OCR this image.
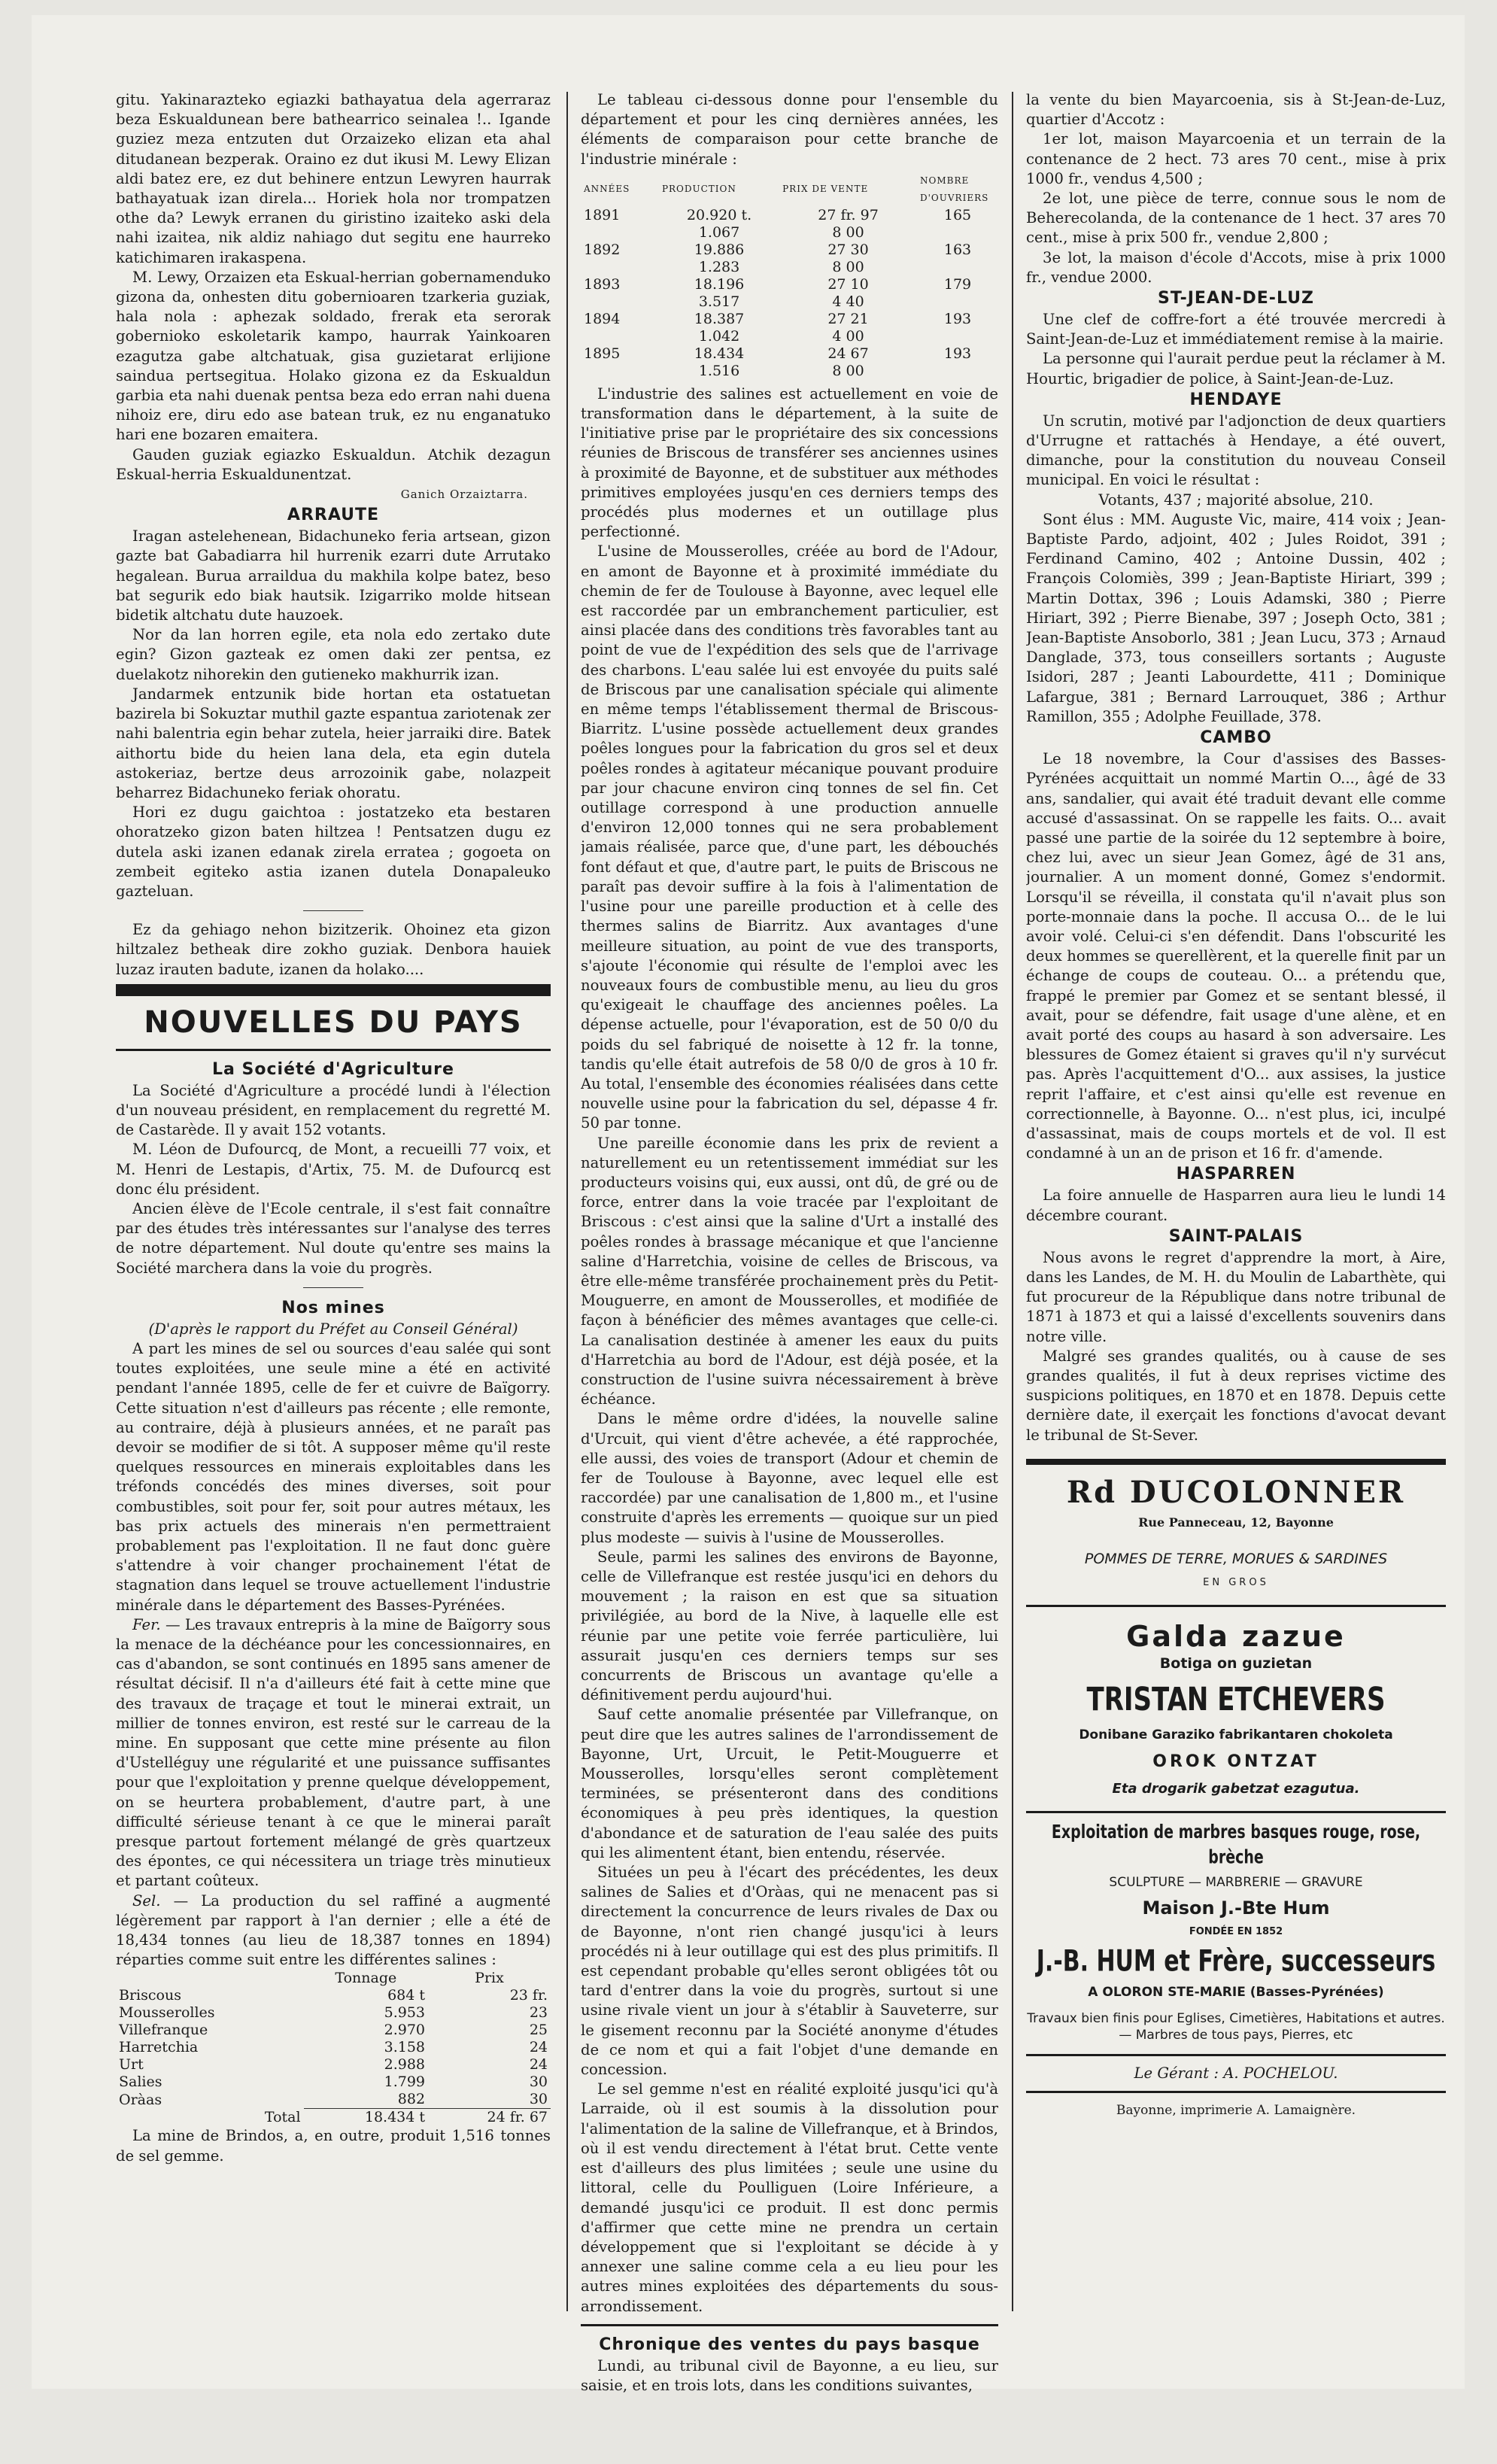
gitu. Yakinarazteko egiazki bathayatua dela agerraraz beza Eskualdunean bere bathearrico seinalea !.. Igande guziez meza entzuten dut Orzaizeko elizan eta ahal ditudanean bezperak. Oraino ez dut ikusi M. Lewy Elizan aldi batez ere, ez dut behinere entzun Lewyren haurrak bathayatuak izan direla... Horiek hola nor trompatzen othe da? Lewyk erranen du giristino izaiteko aski dela nahi izaitea, nik aldiz nahiago dut segitu ene haurreko katichimaren irakaspena.

M. Lewy, Orzaizen eta Eskual-herrian gobernamenduko gizona da, onhesten ditu gobernioaren tzarkeria guziak, hala nola : aphezak soldado, frerak eta serorak gobernioko eskoletarik kampo, haurrak Yainkoaren ezagutza gabe altchatuak, gisa guzietarat erlijione saindua pertsegitua. Holako gizona ez da Eskualdun garbia eta nahi duenak pentsa beza edo erran nahi duena nihoiz ere, diru edo ase batean truk, ez nu enganatuko hari ene bozaren emaitera.

Gauden guziak egiazko Eskualdun. Atchik dezagun Eskual-herria Eskualdunentzat.

Ganich Orzaiztarra.

ARRAUTE

Iragan astelehenean, Bidachuneko feria artsean, gizon gazte bat Gabadiarra hil hurrenik ezarri dute Arrutako hegalean. Burua arraildua du makhila kolpe batez, beso bat segurik edo biak hautsik. Izigarriko molde hitsean bidetik altchatu dute hauzoek.

Nor da lan horren egile, eta nola edo zertako dute egin? Gizon gazteak ez omen daki zer pentsa, ez duelakotz nihorekin den gutieneko makhurrik izan.

Jandarmek entzunik bide hortan eta ostatuetan bazirela bi Sokuztar muthil gazte espantua zariotenak zer nahi balentria egin behar zutela, heier jarraiki dire. Batek aithortu bide du heien lana dela, eta egin dutela astokeriaz, bertze deus arrozoinik gabe, nolazpeit beharrez Bidachuneko feriak ohoratu.

Hori ez dugu gaichtoa : jostatzeko eta bestaren ohoratzeko gizon baten hiltzea ! Pentsatzen dugu ez dutela aski izanen edanak zirela erratea ; gogoeta on zembeit egiteko astia izanen dutela Donapaleuko gazteluan.

Ez da gehiago nehon bizitzerik. Ohoinez eta gizon hiltzalez betheak dire zokho guziak. Denbora hauiek luzaz irauten badute, izanen da holako....

NOUVELLES DU PAYS

La Société d'Agriculture

La Société d'Agriculture a procédé lundi à l'élection d'un nouveau président, en remplacement du regretté M. de Castarède. Il y avait 152 votants.

M. Léon de Dufourcq, de Mont, a recueilli 77 voix, et M. Henri de Lestapis, d'Artix, 75. M. de Dufourcq est donc élu président.

Ancien élève de l'Ecole centrale, il s'est fait connaître par des études très intéressantes sur l'analyse des terres de notre département. Nul doute qu'entre ses mains la Société marchera dans la voie du progrès.

Nos mines

(D'après le rapport du Préfet au Conseil Général)

A part les mines de sel ou sources d'eau salée qui sont toutes exploitées, une seule mine a été en activité pendant l'année 1895, celle de fer et cuivre de Baïgorry. Cette situation n'est d'ailleurs pas récente ; elle remonte, au contraire, déjà à plusieurs années, et ne paraît pas devoir se modifier de si tôt. A supposer même qu'il reste quelques ressources en minerais exploitables dans les tréfonds concédés des mines diverses, soit pour combustibles, soit pour fer, soit pour autres métaux, les bas prix actuels des minerais n'en permettraient probablement pas l'exploitation. Il ne faut donc guère s'attendre à voir changer prochainement l'état de stagnation dans lequel se trouve actuellement l'industrie minérale dans le département des Basses-Pyrénées.

Fer. — Les travaux entrepris à la mine de Baïgorry sous la menace de la déchéance pour les concessionnaires, en cas d'abandon, se sont continués en 1895 sans amener de résultat décisif. Il n'a d'ailleurs été fait à cette mine que des travaux de traçage et tout le minerai extrait, un millier de tonnes environ, est resté sur le carreau de la mine. En supposant que cette mine présente au filon d'Ustelléguy une régularité et une puissance suffisantes pour que l'exploitation y prenne quelque développement, on se heurtera probablement, d'autre part, à une difficulté sérieuse tenant à ce que le minerai paraît presque partout fortement mélangé de grès quartzeux des épontes, ce qui nécessitera un triage très minutieux et partant coûteux.

Sel. — La production du sel raffiné a augmenté légèrement par rapport à l'an dernier ; elle a été de 18,434 tonnes (au lieu de 18,387 tonnes en 1894) réparties comme suit entre les différentes salines :

	Tonnage	Prix
Briscous	684 t	23 fr.
Mousserolles	5.953	23
Villefranque	2.970	25
Harretchia	3.158	24
Urt	2.988	24
Salies	1.799	30
Oràas	882	30
Total	18.434 t	24 fr. 67

La mine de Brindos, a, en outre, produit 1,516 tonnes de sel gemme.

Le tableau ci-dessous donne pour l'ensemble du département et pour les cinq dernières années, les éléments de comparaison pour cette branche de l'industrie minérale :

ANNÉES	PRODUCTION	PRIX DE VENTE	NOMBRE D'OUVRIERS
1891	20.920 t.	27 fr. 97	165
	1.067	8 00	
1892	19.886	27 30	163
	1.283	8 00	
1893	18.196	27 10	179
	3.517	4 40	
1894	18.387	27 21	193
	1.042	4 00	
1895	18.434	24 67	193
	1.516	8 00	

L'industrie des salines est actuellement en voie de transformation dans le département, à la suite de l'initiative prise par le propriétaire des six concessions réunies de Briscous de transférer ses anciennes usines à proximité de Bayonne, et de substituer aux méthodes primitives employées jusqu'en ces derniers temps des procédés plus modernes et un outillage plus perfectionné.

L'usine de Mousserolles, créée au bord de l'Adour, en amont de Bayonne et à proximité immédiate du chemin de fer de Toulouse à Bayonne, avec lequel elle est raccordée par un embranchement particulier, est ainsi placée dans des conditions très favorables tant au point de vue de l'expédition des sels que de l'arrivage des charbons. L'eau salée lui est envoyée du puits salé de Briscous par une canalisation spéciale qui alimente en même temps l'établissement thermal de Briscous-Biarritz. L'usine possède actuellement deux grandes poêles longues pour la fabrication du gros sel et deux poêles rondes à agitateur mécanique pouvant produire par jour chacune environ cinq tonnes de sel fin. Cet outillage correspond à une production annuelle d'environ 12,000 tonnes qui ne sera probablement jamais réalisée, parce que, d'une part, les débouchés font défaut et que, d'autre part, le puits de Briscous ne paraît pas devoir suffire à la fois à l'alimentation de l'usine pour une pareille production et à celle des thermes salins de Biarritz. Aux avantages d'une meilleure situation, au point de vue des transports, s'ajoute l'économie qui résulte de l'emploi avec les nouveaux fours de combustible menu, au lieu du gros qu'exigeait le chauffage des anciennes poêles. La dépense actuelle, pour l'évaporation, est de 50 0/0 du poids du sel fabriqué de noisette à 12 fr. la tonne, tandis qu'elle était autrefois de 58 0/0 de gros à 10 fr. Au total, l'ensemble des économies réalisées dans cette nouvelle usine pour la fabrication du sel, dépasse 4 fr. 50 par tonne.

Une pareille économie dans les prix de revient a naturellement eu un retentissement immédiat sur les producteurs voisins qui, eux aussi, ont dû, de gré ou de force, entrer dans la voie tracée par l'exploitant de Briscous : c'est ainsi que la saline d'Urt a installé des poêles rondes à brassage mécanique et que l'ancienne saline d'Harretchia, voisine de celles de Briscous, va être elle-même transférée prochainement près du Petit-Mouguerre, en amont de Mousserolles, et modifiée de façon à bénéficier des mêmes avantages que celle-ci. La canalisation destinée à amener les eaux du puits d'Harretchia au bord de l'Adour, est déjà posée, et la construction de l'usine suivra nécessairement à brève échéance.

Dans le même ordre d'idées, la nouvelle saline d'Urcuit, qui vient d'être achevée, a été rapprochée, elle aussi, des voies de transport (Adour et chemin de fer de Toulouse à Bayonne, avec lequel elle est raccordée) par une canalisation de 1,800 m., et l'usine construite d'après les errements — quoique sur un pied plus modeste — suivis à l'usine de Mousserolles.

Seule, parmi les salines des environs de Bayonne, celle de Villefranque est restée jusqu'ici en dehors du mouvement ; la raison en est que sa situation privilégiée, au bord de la Nive, à laquelle elle est réunie par une petite voie ferrée particulière, lui assurait jusqu'en ces derniers temps sur ses concurrents de Briscous un avantage qu'elle a définitivement perdu aujourd'hui.

Sauf cette anomalie présentée par Villefranque, on peut dire que les autres salines de l'arrondissement de Bayonne, Urt, Urcuit, le Petit-Mouguerre et Mousserolles, lorsqu'elles seront complètement terminées, se présenteront dans des conditions économiques à peu près identiques, la question d'abondance et de saturation de l'eau salée des puits qui les alimentent étant, bien entendu, réservée.

Situées un peu à l'écart des précédentes, les deux salines de Salies et d'Oràas, qui ne menacent pas si directement la concurrence de leurs rivales de Dax ou de Bayonne, n'ont rien changé jusqu'ici à leurs procédés ni à leur outillage qui est des plus primitifs. Il est cependant probable qu'elles seront obligées tôt ou tard d'entrer dans la voie du progrès, surtout si une usine rivale vient un jour à s'établir à Sauveterre, sur le gisement reconnu par la Société anonyme d'études de ce nom et qui a fait l'objet d'une demande en concession.

Le sel gemme n'est en réalité exploité jusqu'ici qu'à Larraide, où il est soumis à la dissolution pour l'alimentation de la saline de Villefranque, et à Brindos, où il est vendu directement à l'état brut. Cette vente est d'ailleurs des plus limitées ; seule une usine du littoral, celle du Poulliguen (Loire Inférieure, a demandé jusqu'ici ce produit. Il est donc permis d'affirmer que cette mine ne prendra un certain développement que si l'exploitant se décide à y annexer une saline comme cela a eu lieu pour les autres mines exploitées des départements du sous-arrondissement.

Chronique des ventes du pays basque

Lundi, au tribunal civil de Bayonne, a eu lieu, sur saisie, et en trois lots, dans les conditions suivantes,

la vente du bien Mayarcoenia, sis à St-Jean-de-Luz, quartier d'Accotz :

1er lot, maison Mayarcoenia et un terrain de la contenance de 2 hect. 73 ares 70 cent., mise à prix 1000 fr., vendus 4,500 ;

2e lot, une pièce de terre, connue sous le nom de Beherecolanda, de la contenance de 1 hect. 37 ares 70 cent., mise à prix 500 fr., vendue 2,800 ;

3e lot, la maison d'école d'Accots, mise à prix 1000 fr., vendue 2000.

ST-JEAN-DE-LUZ

Une clef de coffre-fort a été trouvée mercredi à Saint-Jean-de-Luz et immédiatement remise à la mairie.

La personne qui l'aurait perdue peut la réclamer à M. Hourtic, brigadier de police, à Saint-Jean-de-Luz.

HENDAYE

Un scrutin, motivé par l'adjonction de deux quartiers d'Urrugne et rattachés à Hendaye, a été ouvert, dimanche, pour la constitution du nouveau Conseil municipal. En voici le résultat :

Votants, 437 ; majorité absolue, 210.

Sont élus : MM. Auguste Vic, maire, 414 voix ; Jean-Baptiste Pardo, adjoint, 402 ; Jules Roidot, 391 ; Ferdinand Camino, 402 ; Antoine Dussin, 402 ; François Colomiès, 399 ; Jean-Baptiste Hiriart, 399 ; Martin Dottax, 396 ; Louis Adamski, 380 ; Pierre Hiriart, 392 ; Pierre Bienabe, 397 ; Joseph Octo, 381 ; Jean-Baptiste Ansoborlo, 381 ; Jean Lucu, 373 ; Arnaud Danglade, 373, tous conseillers sortants ; Auguste Isidori, 287 ; Jeanti Labourdette, 411 ; Dominique Lafargue, 381 ; Bernard Larrouquet, 386 ; Arthur Ramillon, 355 ; Adolphe Feuillade, 378.

CAMBO

Le 18 novembre, la Cour d'assises des Basses-Pyrénées acquittait un nommé Martin O..., âgé de 33 ans, sandalier, qui avait été traduit devant elle comme accusé d'assassinat. On se rappelle les faits. O... avait passé une partie de la soirée du 12 septembre à boire, chez lui, avec un sieur Jean Gomez, âgé de 31 ans, journalier. A un moment donné, Gomez s'endormit. Lorsqu'il se réveilla, il constata qu'il n'avait plus son porte-monnaie dans la poche. Il accusa O... de le lui avoir volé. Celui-ci s'en défendit. Dans l'obscurité les deux hommes se querellèrent, et la querelle finit par un échange de coups de couteau. O... a prétendu que, frappé le premier par Gomez et se sentant blessé, il avait, pour se défendre, fait usage d'une alène, et en avait porté des coups au hasard à son adversaire. Les blessures de Gomez étaient si graves qu'il n'y survécut pas. Après l'acquittement d'O... aux assises, la justice reprit l'affaire, et c'est ainsi qu'elle est revenue en correctionnelle, à Bayonne. O... n'est plus, ici, inculpé d'assassinat, mais de coups mortels et de vol. Il est condamné à un an de prison et 16 fr. d'amende.

HASPARREN

La foire annuelle de Hasparren aura lieu le lundi 14 décembre courant.

SAINT-PALAIS

Nous avons le regret d'apprendre la mort, à Aire, dans les Landes, de M. H. du Moulin de Labarthète, qui fut procureur de la République dans notre tribunal de 1871 à 1873 et qui a laissé d'excellents souvenirs dans notre ville.

Malgré ses grandes qualités, ou à cause de ses grandes qualités, il fut à deux reprises victime des suspicions politiques, en 1870 et en 1878. Depuis cette dernière date, il exerçait les fonctions d'avocat devant le tribunal de St-Sever.

Rd DUCOLONNER
Rue Panneceau, 12, Bayonne
POMMES DE TERRE, MORUES & SARDINES
EN GROS
Galda zazue
Botiga on guzietan
TRISTAN ETCHEVERS
Donibane Garaziko fabrikantaren chokoleta
OROK ONTZAT
Eta drogarik gabetzat ezagutua.
Exploitation de marbres basques rouge, rose, brèche
SCULPTURE — MARBRERIE — GRAVURE
Maison J.-Bte Hum
FONDÉE EN 1852
J.-B. HUM et Frère, successeurs
A OLORON STE-MARIE (Basses-Pyrénées)
Travaux bien finis pour Eglises, Cimetières, Habitations et autres. — Marbres de tous pays, Pierres, etc

Le Gérant : A. POCHELOU.

Bayonne, imprimerie A. Lamaignère.
